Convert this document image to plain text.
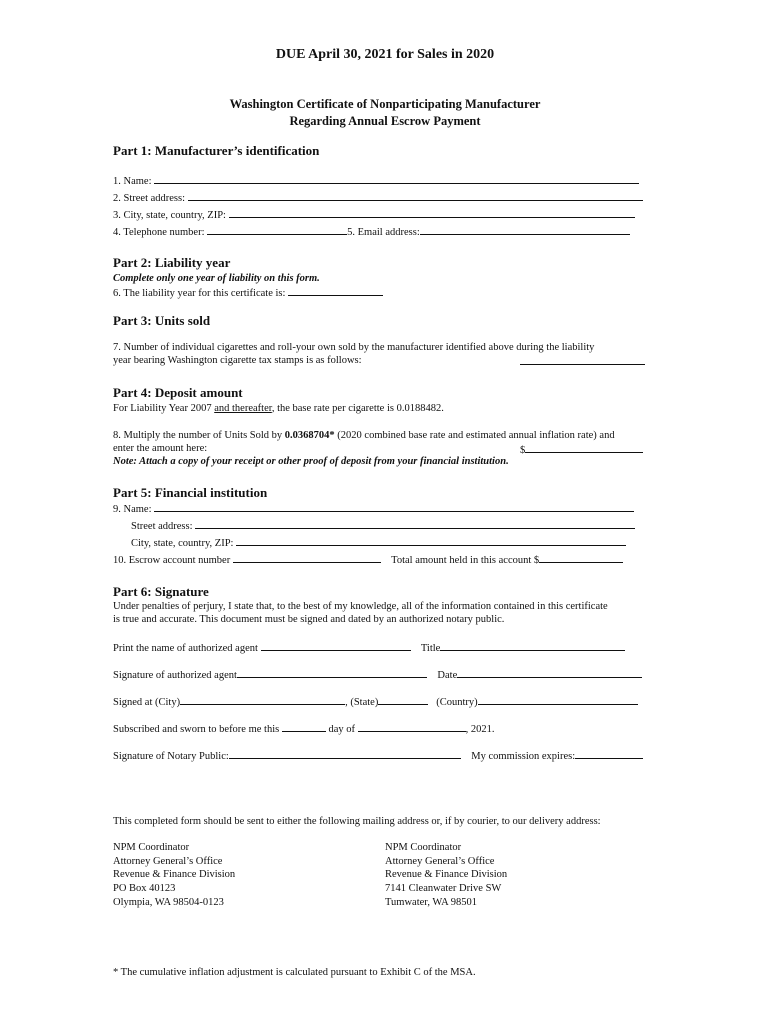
DUE April 30, 2021 for Sales in 2020
Washington Certificate of Nonparticipating Manufacturer
Regarding Annual Escrow Payment
Part 1: Manufacturer’s identification
1. Name:
2. Street address:
3. City, state, country, ZIP:
4. Telephone number:	5. Email address:
Part 2: Liability year
Complete only one year of liability on this form.
6. The liability year for this certificate is:
Part 3: Units sold
7. Number of individual cigarettes and roll-your own sold by the manufacturer identified above during the liability
year bearing Washington cigarette tax stamps is as follows:
Part 4: Deposit amount
For Liability Year 2007 and thereafter, the base rate per cigarette is 0.0188482.
8. Multiply the number of Units Sold by 0.0368704* (2020 combined base rate and estimated annual inflation rate) and
enter the amount here:	$
Note: Attach a copy of your receipt or other proof of deposit from your financial institution.
Part 5: Financial institution
9. Name:
Street address:
City, state, country, ZIP:
10. Escrow account number	Total amount held in this account $
Part 6: Signature
Under penalties of perjury, I state that, to the best of my knowledge, all of the information contained in this certificate
is true and accurate. This document must be signed and dated by an authorized notary public.
Print the name of authorized agent	Title
Signature of authorized agent	Date
Signed at (City)	, (State)	(Country)
Subscribed and sworn to before me this	day of	, 2021.
Signature of Notary Public:	My commission expires:
This completed form should be sent to either the following mailing address or, if by courier, to our delivery address:
NPM Coordinator
Attorney General’s Office
Revenue & Finance Division
PO Box 40123
Olympia, WA 98504-0123
NPM Coordinator
Attorney General’s Office
Revenue & Finance Division
7141 Cleanwater Drive SW
Tumwater, WA 98501
* The cumulative inflation adjustment is calculated pursuant to Exhibit C of the MSA.
